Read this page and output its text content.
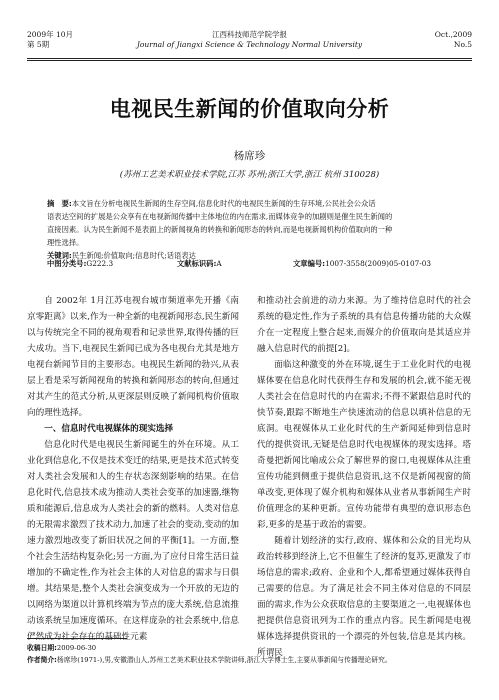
2009年 10月
第 5期
江西科技师范学院学报
Journal of Jiangxi Science & Technology Normal University
Oct.,2009
No.5
电视民生新闻的价值取向分析
杨席珍
(苏州工艺美术职业技术学院,江苏 苏州;浙江大学,浙江 杭州 310028)
摘　要:本文旨在分析电视民生新闻的生存空间,信息化时代的电视民生新闻的生存环境,公民社会公众话
语表达空间的扩展是公众享有在电视新闻传播中主体地位的内在需求,而媒体竞争的加剧则是催生民生新闻的
直接因素。认为民生新闻不是表面上的新闻视角的转换和新闻形态的转向,而是电视新闻机构价值取向的一种
理性选择。
关键词:民生新闻;价值取向;信息时代;话语表达
中图分类号:G222.3	文献标识码:A	文章编号:1007-3558(2009)05-0107-03

自 2002年 1月江苏电视台城市频道率先开播《南京零距离》以来,作为一种全新的电视新闻形态,民生新闻以与传统完全不同的视角观看和记录世界,取得传播的巨大成功。当下,电视民生新闻已成为各电视台尤其是地方电视台新闻节目的主要形态。电视民生新闻的勃兴,从表层上看是采写新闻视角的转换和新闻形态的转向,但通过对其产生的范式分析,从更深层则反映了新闻机构价值取向的理性选择。

一、信息时代电视媒体的现实选择

信息化时代是电视民生新闻诞生的外在环境。从工业化到信息化,不仅是技术变迁的结果,更是技术范式转变对人类社会发展和人的生存状态深刻影响的结果。在信息化时代,信息技术成为推动人类社会变革的加速器,继物质和能源后,信息成为人类社会的新的燃料。人类对信息的无限需求激烈了技术动力,加速了社会的变动,变动的加速力激烈地改变了新旧状况之间的平衡[1]。一方面,整个社会生活结构复杂化;另一方面,为了应付日常生活日益增加的不确定性,作为社会主体的人对信息的需求与日俱增。其结果是,整个人类社会演变成为一个开放的无边的以网络为渠道以计算机终端为节点的庞大系统,信息流推动该系统呈加速度循环。在这样庞杂的社会系统中,信息俨然成为社会存在的基础性元素

和推动社会前进的动力来源。为了维持信息时代的社会系统的稳定性,作为子系统的具有信息传播功能的大众媒介在一定程度上整合起来,而媒介的价值取向是其适应并融入信息时代的前提[2]。

面临这种激变的外在环境,诞生于工业化时代的电视媒体要在信息化时代获得生存和发展的机会,就不能无视人类社会在信息时代的内在需求;不得不紧跟信息时代的快节奏,跟踪不断地生产快速流动的信息以填补信息的无底洞。电视媒体从工业化时代的生产新闻延伸到信息时代的提供资讯,无疑是信息时代电视媒体的现实选择。塔奇曼把新闻比喻成公众了解世界的窗口,电视媒体从注重宣传功能到侧重于提供信息资讯,这不仅是新闻视窗的简单改变,更体现了媒介机构和媒体从业者从事新闻生产时价值理念的某种更新。宣传功能带有典型的意识形态色彩,更多的是基于政治的需要。

随着计划经济的实行,政府、媒体和公众的目光均从政治转移到经济上,它不但催生了经济的复苏,更激发了市场信息的需求;政府、企业和个人,都希望通过媒体获得自己需要的信息。为了满足社会不同主体对信息的不同层面的需求,作为公众获取信息的主要渠道之一,电视媒体也把提供信息资讯列为工作的重点内容。民生新闻是电视媒体选择提供资讯的一个漂亮的外包装,信息是其内核。所谓民

收稿日期:2009-06-30
作者简介:杨席珍(1971-),男,安徽潜山人,苏州工艺美术职业技术学院讲师,浙江大学博士生,主要从事新闻与传播理论研究。
